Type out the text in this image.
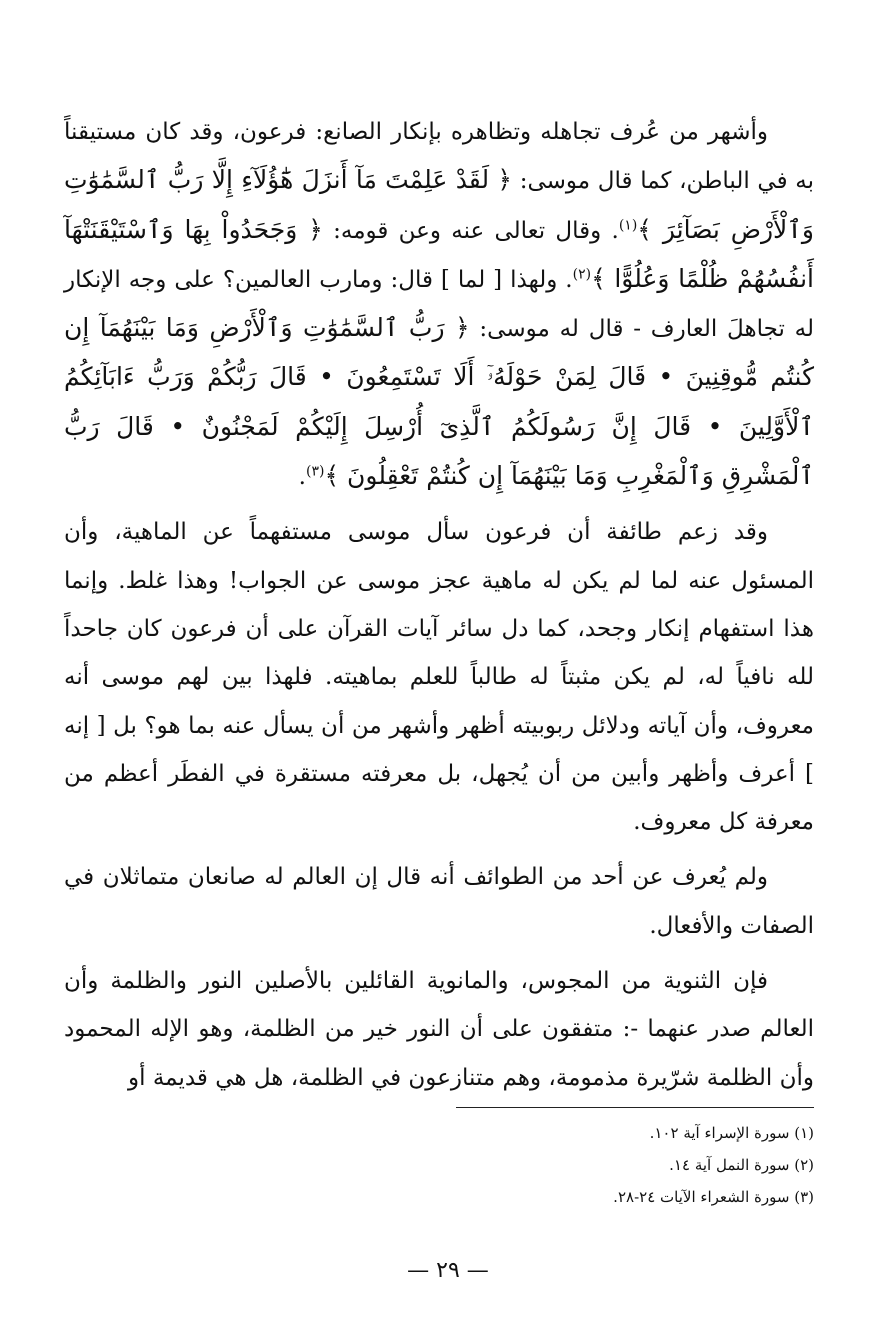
وأشهر من عُرف تجاهله وتظاهره بإنكار الصانع: فرعون، وقد كان مستيقناً به في الباطن، كما قال موسى: ﴿ لَقَدْ عَلِمْتَ مَآ أَنزَلَ هَٰٓؤُلَآءِ إِلَّا رَبُّ ٱلسَّمَٰوَٰتِ وَٱلْأَرْضِ بَصَآئِرَ ﴾$^{(١)}$. وقال تعالى عنه وعن قومه: ﴿ وَجَحَدُواْ بِهَا وَٱسْتَيْقَنَتْهَآ أَنفُسُهُمْ ظُلْمًا وَعُلُوًّا ﴾$^{(٢)}$. ولهذا [ لما ] قال: ومارب العالمين؟ على وجه الإنكار له تجاهلَ العارف - قال له موسى: ﴿ رَبُّ ٱلسَّمَٰوَٰتِ وَٱلْأَرْضِ وَمَا بَيْنَهُمَآ إِن كُنتُم مُّوقِنِينَ • قَالَ لِمَنْ حَوْلَهُۥٓ أَلَا تَسْتَمِعُونَ • قَالَ رَبُّكُمْ وَرَبُّ ءَابَآئِكُمُ ٱلْأَوَّلِينَ • قَالَ إِنَّ رَسُولَكُمُ ٱلَّذِىٓ أُرْسِلَ إِلَيْكُمْ لَمَجْنُونٌ • قَالَ رَبُّ ٱلْمَشْرِقِ وَٱلْمَغْرِبِ وَمَا بَيْنَهُمَآ إِن كُنتُمْ تَعْقِلُونَ ﴾$^{(٣)}$.

وقد زعم طائفة أن فرعون سأل موسى مستفهماً عن الماهية، وأن المسئول عنه لما لم يكن له ماهية عجز موسى عن الجواب! وهذا غلط. وإنما هذا استفهام إنكار وجحد، كما دل سائر آيات القرآن على أن فرعون كان جاحداً لله نافياً له، لم يكن مثبتاً له طالباً للعلم بماهيته. فلهذا بين لهم موسى أنه معروف، وأن آياته ودلائل ربوبيته أظهر وأشهر من أن يسأل عنه بما هو؟ بل [ إنه ] أعرف وأظهر وأبين من أن يُجهل، بل معرفته مستقرة في الفطَر أعظم من معرفة كل معروف.

ولم يُعرف عن أحد من الطوائف أنه قال إن العالم له صانعان متماثلان في الصفات والأفعال.

فإن الثنوية من المجوس، والمانوية القائلين بالأصلين النور والظلمة وأن العالم صدر عنهما -: متفقون على أن النور خير من الظلمة، وهو الإله المحمود وأن الظلمة شرّيرة مذمومة، وهم متنازعون في الظلمة، هل هي قديمة أو

(١) سورة الإسراء آية ١٠٢.

(٢) سورة النمل آية ١٤.

(٣) سورة الشعراء الآيات ٢٤-٢٨.

— ٢٩ —
